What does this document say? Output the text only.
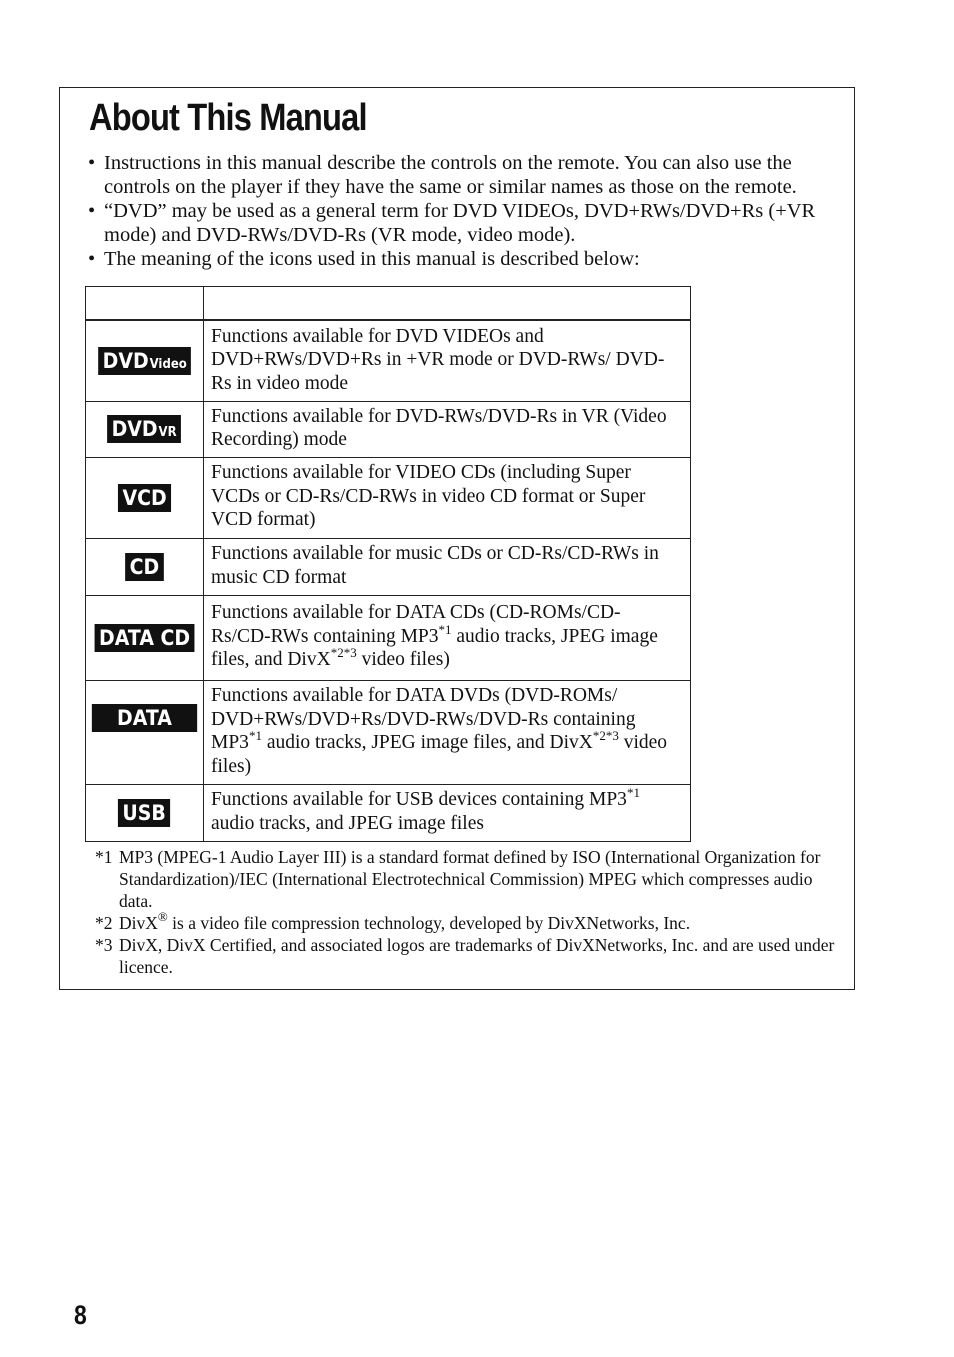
About This Manual
• Instructions in this manual describe the controls on the remote. You can also use the controls on the player if they have the same or similar names as those on the remote.
• “DVD” may be used as a general term for DVD VIDEOs, DVD+RWs/DVD+Rs (+VR mode) and DVD-RWs/DVD-Rs (VR mode, video mode).
• The meaning of the icons used in this manual is described below:

DVDVideo	Functions available for DVD VIDEOs and DVD+RWs/DVD+Rs in +VR mode or DVD-RWs/ DVD-Rs in video mode
DVDVR	Functions available for DVD-RWs/DVD-Rs in VR (Video Recording) mode
VCD	Functions available for VIDEO CDs (including Super VCDs or CD-Rs/CD-RWs in video CD format or Super VCD format)
CD	Functions available for music CDs or CD-Rs/CD-RWs in music CD format
DATA CD	Functions available for DATA CDs (CD-ROMs/CD- Rs/CD-RWs containing MP3$^{*1}$ audio tracks, JPEG image files, and DivX$^{*2*3}$ video files)
DATA DVD	Functions available for DATA DVDs (DVD-ROMs/ DVD+RWs/DVD+Rs/DVD-RWs/DVD-Rs containing MP3$^{*1}$ audio tracks, JPEG image files, and DivX$^{*2*3}$ video files)
USB	Functions available for USB devices containing MP3$^{*1}$ audio tracks, and JPEG image files
*1 MP3 (MPEG-1 Audio Layer III) is a standard format defined by ISO (International Organization for Standardization)/IEC (International Electrotechnical Commission) MPEG which compresses audio data.
*2 DivX® is a video file compression technology, developed by DivXNetworks, Inc.
*3 DivX, DivX Certified, and associated logos are trademarks of DivXNetworks, Inc. and are used under licence.
8
